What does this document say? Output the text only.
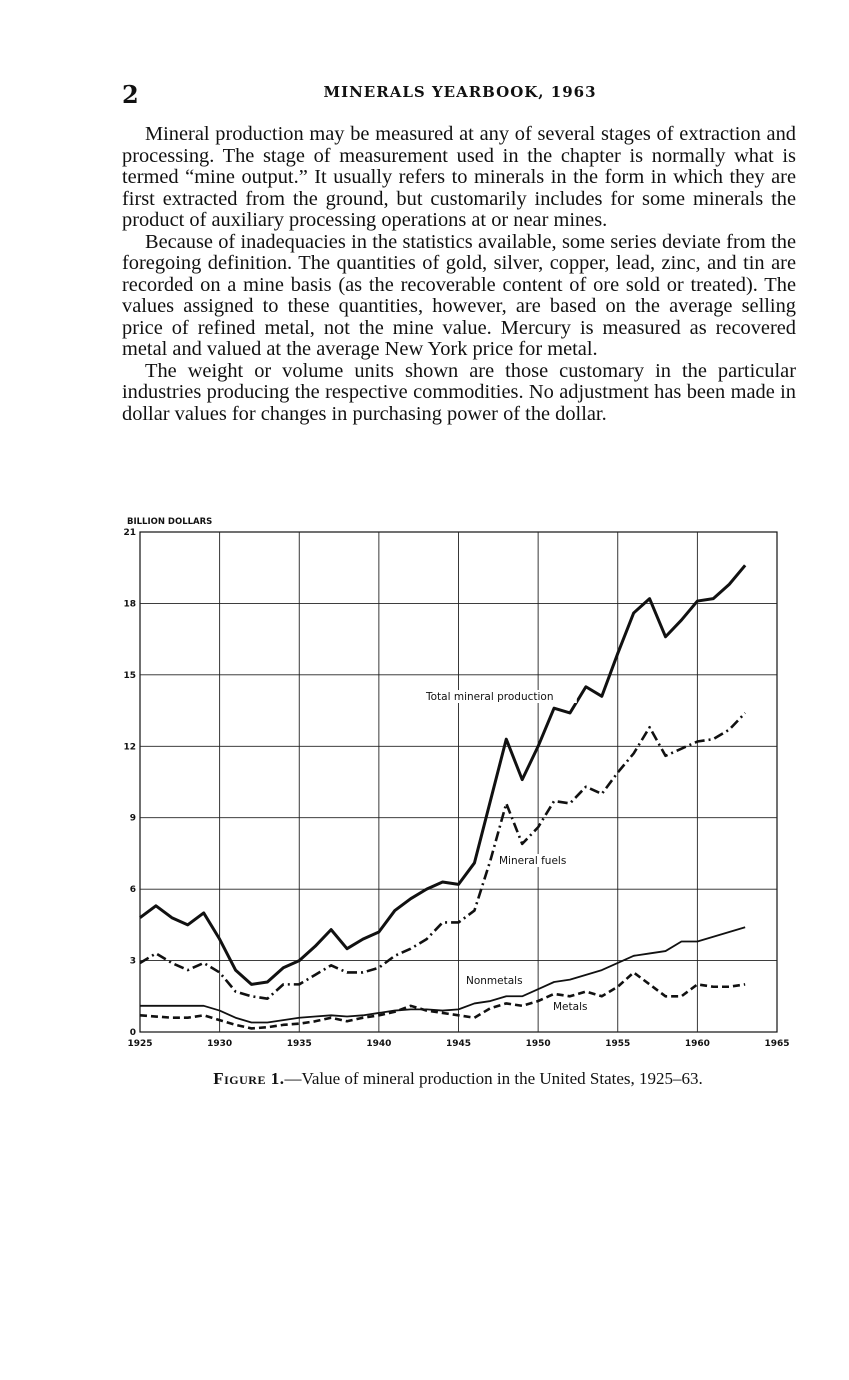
2	MINERALS YEARBOOK, 1963

Mineral production may be measured at any of several stages of extraction and processing. The stage of measurement used in the chapter is normally what is termed “mine output.” It usually refers to minerals in the form in which they are first extracted from the ground, but customarily includes for some minerals the product of auxiliary processing operations at or near mines.

Because of inadequacies in the statistics available, some series deviate from the foregoing definition. The quantities of gold, silver, copper, lead, zinc, and tin are recorded on a mine basis (as the recoverable content of ore sold or treated). The values assigned to these quantities, however, are based on the average selling price of refined metal, not the mine value. Mercury is measured as recovered metal and valued at the average New York price for metal.

The weight or volume units shown are those customary in the particular industries producing the respective commodities. No adjustment has been made in dollar values for changes in purchasing power of the dollar.

BILLION DOLLARS
1925	1930	1935	1940	1945	1950	1955	1960	1965
0
3
6
9
12
15
18
21
Total mineral production
Mineral fuels
Nonmetals
Metals
Figure 1.—Value of mineral production in the United States, 1925–63.
